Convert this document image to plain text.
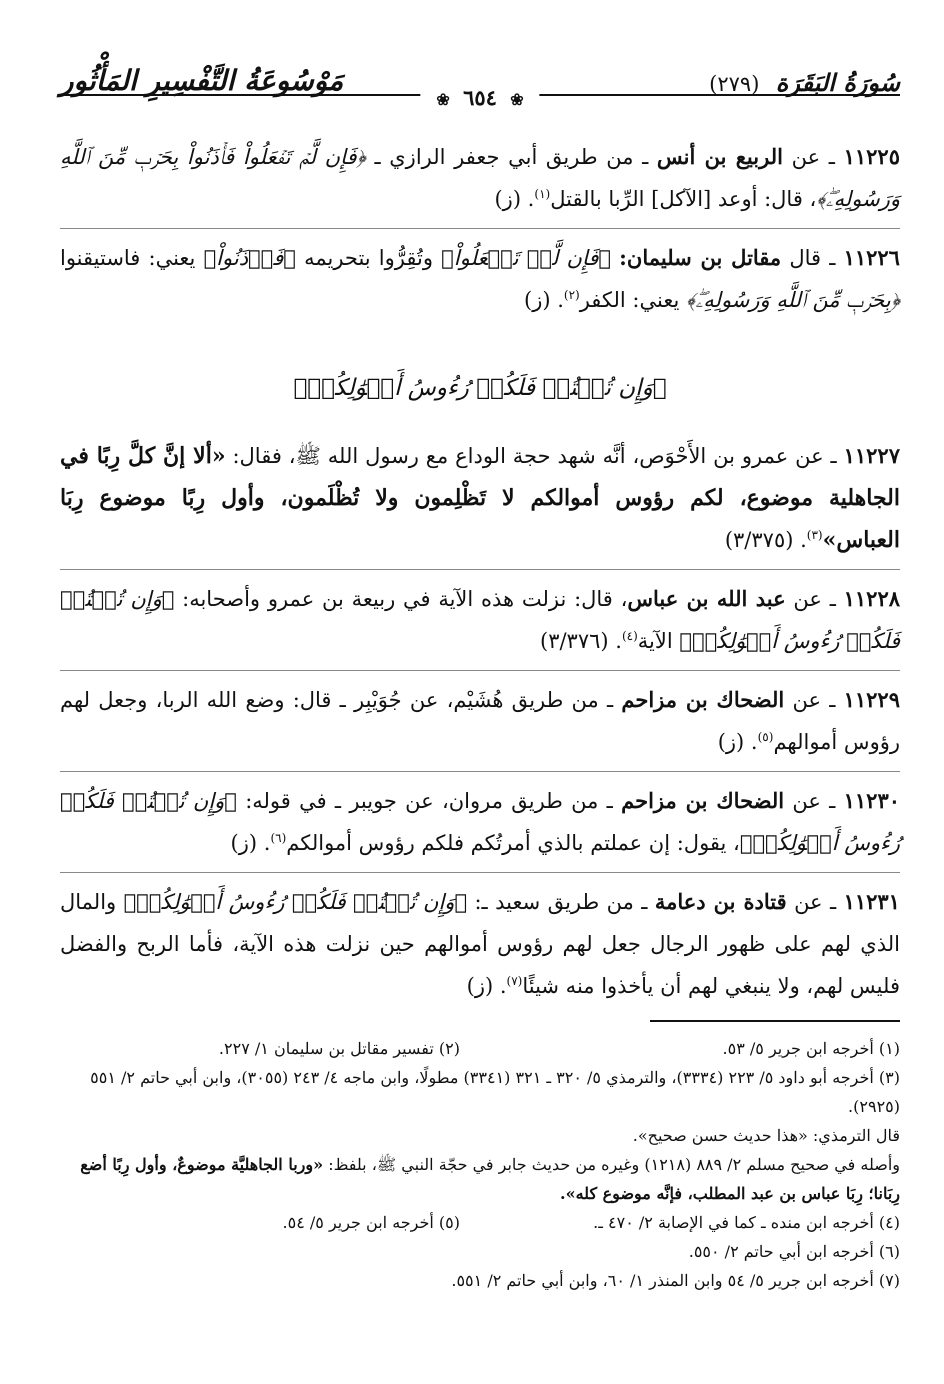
سُورَةُ البَقَرَة (٢٧٩)
مَوْسُوعَةُ التَّفْسِيرِ المَأْثُور
❀ ٦٥٤ ❀

١١٢٢٥ ـ عن الربيع بن أنس ـ من طريق أبي جعفر الرازي ـ ﴿فَإِن لَّمۡ تَفۡعَلُواْ فَأۡذَنُواْ بِحَرۡبٖ مِّنَ ٱللَّهِ وَرَسُولِهِۦۖ﴾، قال: أوعد [الآكل] الرِّبا بالقتل$^{(١)}$. (ز)

١١٢٢٦ ـ قال مقاتل بن سليمان: ﴿فَإِن لَّمۡ تَفۡعَلُواْ﴾ وتُقِرُّوا بتحريمه ﴿فَأۡذَنُواْ﴾ يعني: فاستيقنوا ﴿بِحَرۡبٖ مِّنَ ٱللَّهِ وَرَسُولِهِۦۖ﴾ يعني: الكفر$^{(٢)}$. (ز)

﴿وَإِن تُبۡتُمۡ فَلَكُمۡ رُءُوسُ أَمۡوَٰلِكُمۡ﴾

١١٢٢٧ ـ عن عمرو بن الأَحْوَص، أنَّه شهد حجة الوداع مع رسول الله ﷺ، فقال: «ألا إنَّ كلَّ رِبًا في الجاهلية موضوع، لكم رؤوس أموالكم لا تَظْلِمون ولا تُظْلَمون، وأول رِبًا موضوع رِبَا العباس»$^{(٣)}$. (٣/٣٧٥)

١١٢٢٨ ـ عن عبد الله بن عباس، قال: نزلت هذه الآية في ربيعة بن عمرو وأصحابه: ﴿وَإِن تُبۡتُمۡ فَلَكُمۡ رُءُوسُ أَمۡوَٰلِكُمۡ﴾ الآية$^{(٤)}$. (٣/٣٧٦)

١١٢٢٩ ـ عن الضحاك بن مزاحم ـ من طريق هُشَيْم، عن جُوَيْبِر ـ قال: وضع الله الربا، وجعل لهم رؤوس أموالهم$^{(٥)}$. (ز)

١١٢٣٠ ـ عن الضحاك بن مزاحم ـ من طريق مروان، عن جويبر ـ في قوله: ﴿وَإِن تُبۡتُمۡ فَلَكُمۡ رُءُوسُ أَمۡوَٰلِكُمۡ﴾، يقول: إن عملتم بالذي أمرتُكم فلكم رؤوس أموالكم$^{(٦)}$. (ز)

١١٢٣١ ـ عن قتادة بن دعامة ـ من طريق سعيد ـ: ﴿وَإِن تُبۡتُمۡ فَلَكُمۡ رُءُوسُ أَمۡوَٰلِكُمۡ﴾ والمال الذي لهم على ظهور الرجال جعل لهم رؤوس أموالهم حين نزلت هذه الآية، فأما الربح والفضل فليس لهم، ولا ينبغي لهم أن يأخذوا منه شيئًا$^{(٧)}$. (ز)

(١) أخرجه ابن جرير ٥/ ٥٣.
(٢) تفسير مقاتل بن سليمان ١/ ٢٢٧.
(٣) أخرجه أبو داود ٥/ ٢٢٣ (٣٣٣٤)، والترمذي ٥/ ٣٢٠ ـ ٣٢١ (٣٣٤١) مطولًا، وابن ماجه ٤/ ٢٤٣ (٣٠٥٥)، وابن أبي حاتم ٢/ ٥٥١ (٢٩٢٥).
قال الترمذي: «هذا حديث حسن صحيح».
وأصله في صحيح مسلم ٢/ ٨٨٩ (١٢١٨) وغيره من حديث جابر في حجّة النبي ﷺ، بلفظ: «وربا الجاهليَّة موضوعٌ، وأول رِبًا أضع رِبَانا؛ رِبَا عباس بن عبد المطلب، فإنَّه موضوع كله».
(٤) أخرجه ابن منده ـ كما في الإصابة ٢/ ٤٧٠ ـ.
(٥) أخرجه ابن جرير ٥/ ٥٤.
(٦) أخرجه ابن أبي حاتم ٢/ ٥٥٠.
(٧) أخرجه ابن جرير ٥/ ٥٤ وابن المنذر ١/ ٦٠، وابن أبي حاتم ٢/ ٥٥١.
